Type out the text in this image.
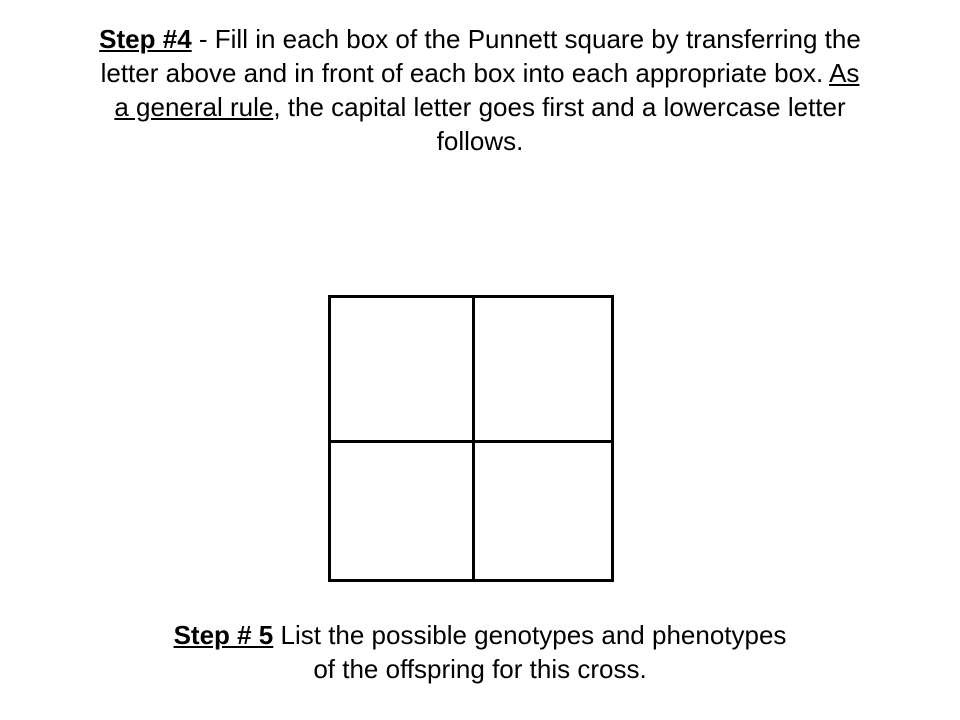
Step #4 - Fill in each box of the Punnett square by transferring the
letter above and in front of each box into each appropriate box. As
a general rule, the capital letter goes first and a lowercase letter
follows.
Step # 5 List the possible genotypes and phenotypes
of the offspring for this cross.
